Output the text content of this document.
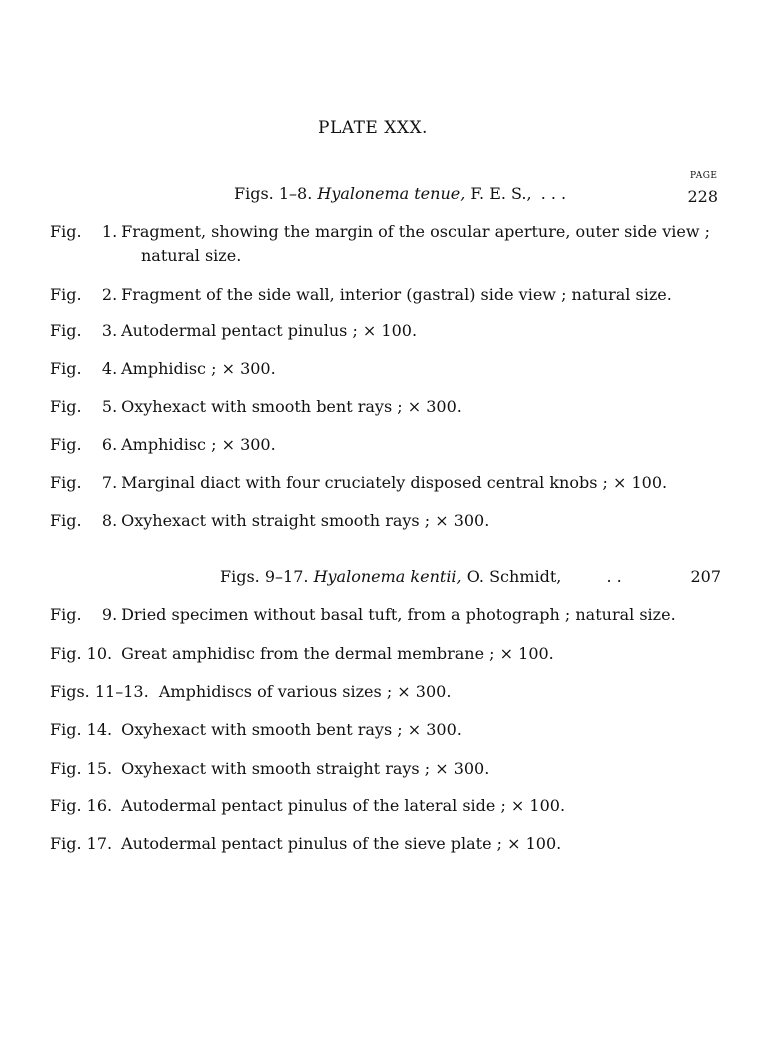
PLATE XXX.
PAGE
Figs. 1–8. Hyalonema tenue, F. E. S., . . .	228
Fig. 1. Fragment, showing the margin of the oscular aperture, outer side view ;
natural size.
Fig. 2. Fragment of the side wall, interior (gastral) side view ; natural size.
Fig. 3. Autodermal pentact pinulus ; × 100.
Fig. 4. Amphidisc ; × 300.
Fig. 5. Oxyhexact with smooth bent rays ; × 300.
Fig. 6. Amphidisc ; × 300.
Fig. 7. Marginal diact with four cruciately disposed central knobs ; × 100.
Fig. 8. Oxyhexact with straight smooth rays ; × 300.
Figs. 9–17. Hyalonema kentii, O. Schmidt,	. .	207
Fig. 9. Dried specimen without basal tuft, from a photograph ; natural size.
Fig. 10. Great amphidisc from the dermal membrane ; × 100.
Figs. 11–13. Amphidiscs of various sizes ; × 300.
Fig. 14. Oxyhexact with smooth bent rays ; × 300.
Fig. 15. Oxyhexact with smooth straight rays ; × 300.
Fig. 16. Autodermal pentact pinulus of the lateral side ; × 100.
Fig. 17. Autodermal pentact pinulus of the sieve plate ; × 100.
